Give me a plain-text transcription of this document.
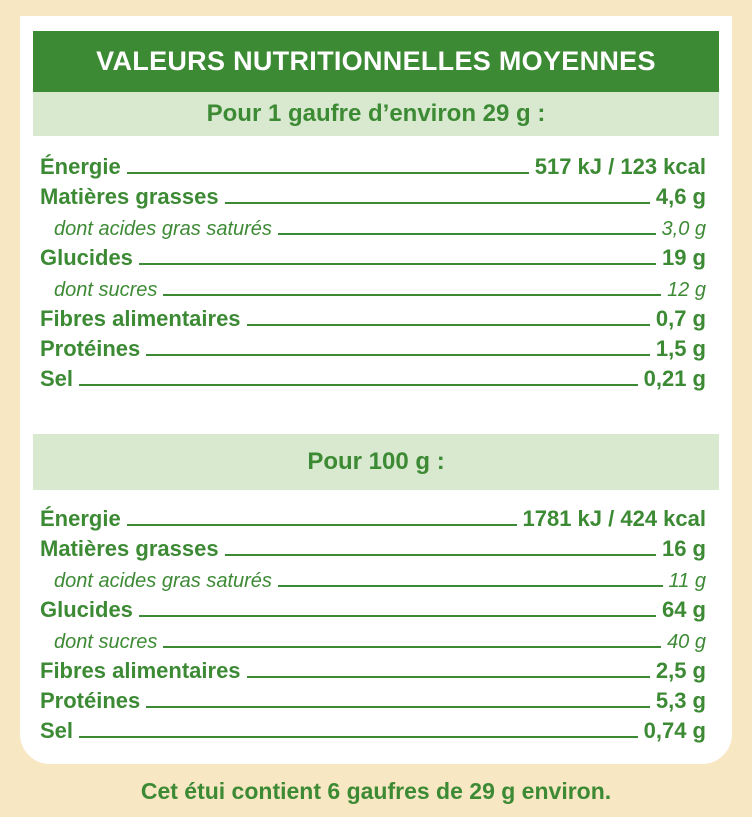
VALEURS NUTRITIONNELLES MOYENNES
Pour 1 gaufre d’environ 29 g :
Énergie	517 kJ / 123 kcal
Matières grasses	4,6 g
dont acides gras saturés	3,0 g
Glucides	19 g
dont sucres	12 g
Fibres alimentaires	0,7 g
Protéines	1,5 g
Sel	0,21 g
Pour 100 g :
Énergie	1781 kJ / 424 kcal
Matières grasses	16 g
dont acides gras saturés	11 g
Glucides	64 g
dont sucres	40 g
Fibres alimentaires	2,5 g
Protéines	5,3 g
Sel	0,74 g
Cet étui contient 6 gaufres de 29 g environ.
